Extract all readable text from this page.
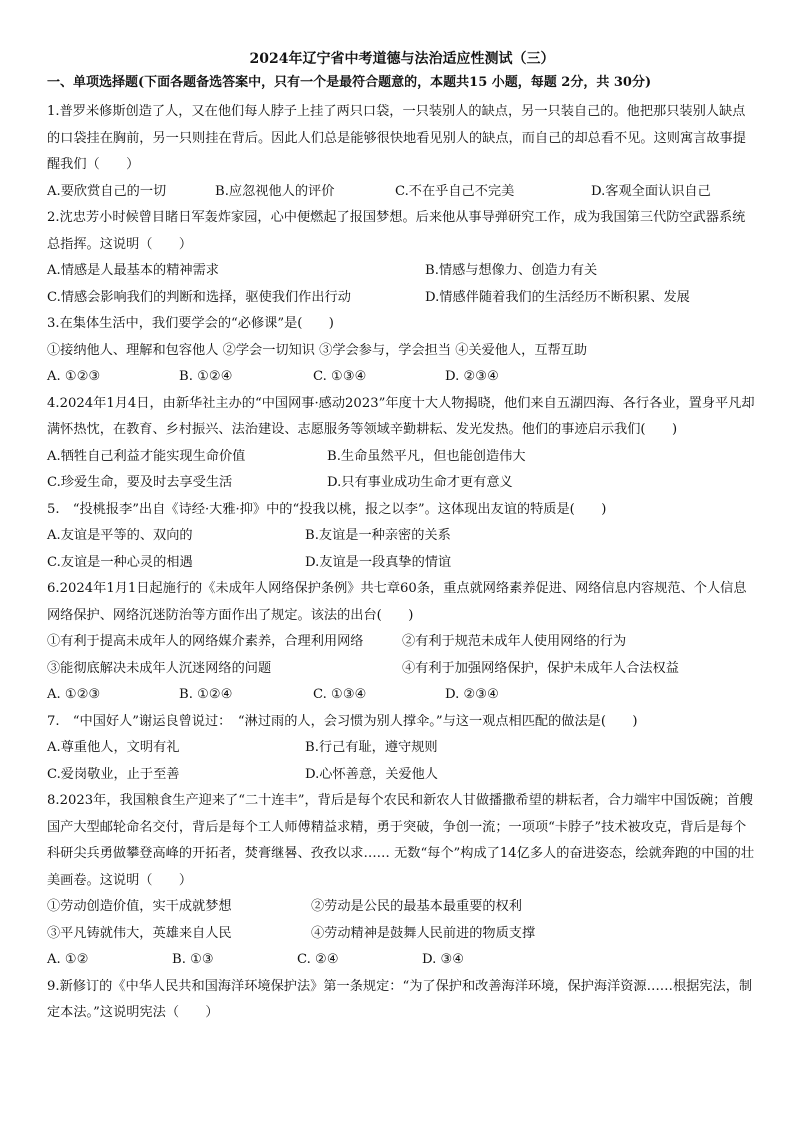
2024年辽宁省中考道德与法治适应性测试（三）
一、单项选择题(下面各题备选答案中，只有一个是最符合题意的，本题共15 小题，每题 2分，共 30分)

1.普罗米修斯创造了人，又在他们每人脖子上挂了两只口袋，一只装别人的缺点，另一只装自己的。他把那只装别人缺点的口袋挂在胸前，另一只则挂在背后。因此人们总是能够很快地看见别人的缺点，而自己的却总看不见。这则寓言故事提醒我们（　　）

A.要欣赏自己的一切	B.应忽视他人的评价	C.不在乎自己不完美	D.客观全面认识自己

2.沈忠芳小时候曾目睹日军轰炸家园，心中便燃起了报国梦想。后来他从事导弹研究工作，成为我国第三代防空武器系统总指挥。这说明（　　）

A.情感是人最基本的精神需求	B.情感与想像力、创造力有关
C.情感会影响我们的判断和选择，驱使我们作出行动	D.情感伴随着我们的生活经历不断积累、发展

3.在集体生活中，我们要学会的“必修课”是(　　)

①接纳他人、理解和包容他人 ②学会一切知识 ③学会参与，学会担当 ④关爱他人，互帮互助

A. ①②③	B. ①②④	C. ①③④	D. ②③④

4.2024年1月4日，由新华社主办的“中国网事·感动2023”年度十大人物揭晓，他们来自五湖四海、各行各业，置身平凡却满怀热忱，在教育、乡村振兴、法治建设、志愿服务等领域辛勤耕耘、发光发热。他们的事迹启示我们(　　)

A.牺牲自己利益才能实现生命价值	B.生命虽然平凡，但也能创造伟大
C.珍爱生命，要及时去享受生活	D.只有事业成功生命才更有意义

5.　“投桃报李”出自《诗经·大雅·抑》中的“投我以桃，报之以李”。这体现出友谊的特质是(　　)

A.友谊是平等的、双向的	B.友谊是一种亲密的关系
C.友谊是一种心灵的相遇	D.友谊是一段真挚的情谊

6.2024年1月1日起施行的《未成年人网络保护条例》共七章60条，重点就网络素养促进、网络信息内容规范、个人信息网络保护、网络沉迷防治等方面作出了规定。该法的出台(　　)

①有利于提高未成年人的网络媒介素养，合理利用网络	②有利于规范未成年人使用网络的行为
③能彻底解决未成年人沉迷网络的问题	④有利于加强网络保护，保护未成年人合法权益
A. ①②③	B. ①②④	C. ①③④	D. ②③④

7.　“中国好人”谢运良曾说过：　“淋过雨的人，会习惯为别人撑伞。”与这一观点相匹配的做法是(　　)

A.尊重他人，文明有礼	B.行己有耻，遵守规则
C.爱岗敬业，止于至善	D.心怀善意，关爱他人

8.2023年，我国粮食生产迎来了“二十连丰”，背后是每个农民和新农人甘做播撒希望的耕耘者，合力端牢中国饭碗；首艘国产大型邮轮命名交付，背后是每个工人师傅精益求精，勇于突破，争创一流；一项项“卡脖子”技术被攻克，背后是每个科研尖兵勇做攀登高峰的开拓者，焚膏继晷、孜孜以求…… 无数“每个”构成了14亿多人的奋进姿态，绘就奔跑的中国的壮美画卷。这说明（　　）

①劳动创造价值，实干成就梦想	②劳动是公民的最基本最重要的权利
③平凡铸就伟大，英雄来自人民	④劳动精神是鼓舞人民前进的物质支撑
A. ①②	B. ①③	C. ②④	D. ③④

9.新修订的《中华人民共和国海洋环境保护法》第一条规定：“为了保护和改善海洋环境，保护海洋资源……根据宪法，制定本法。”这说明宪法（　　）
